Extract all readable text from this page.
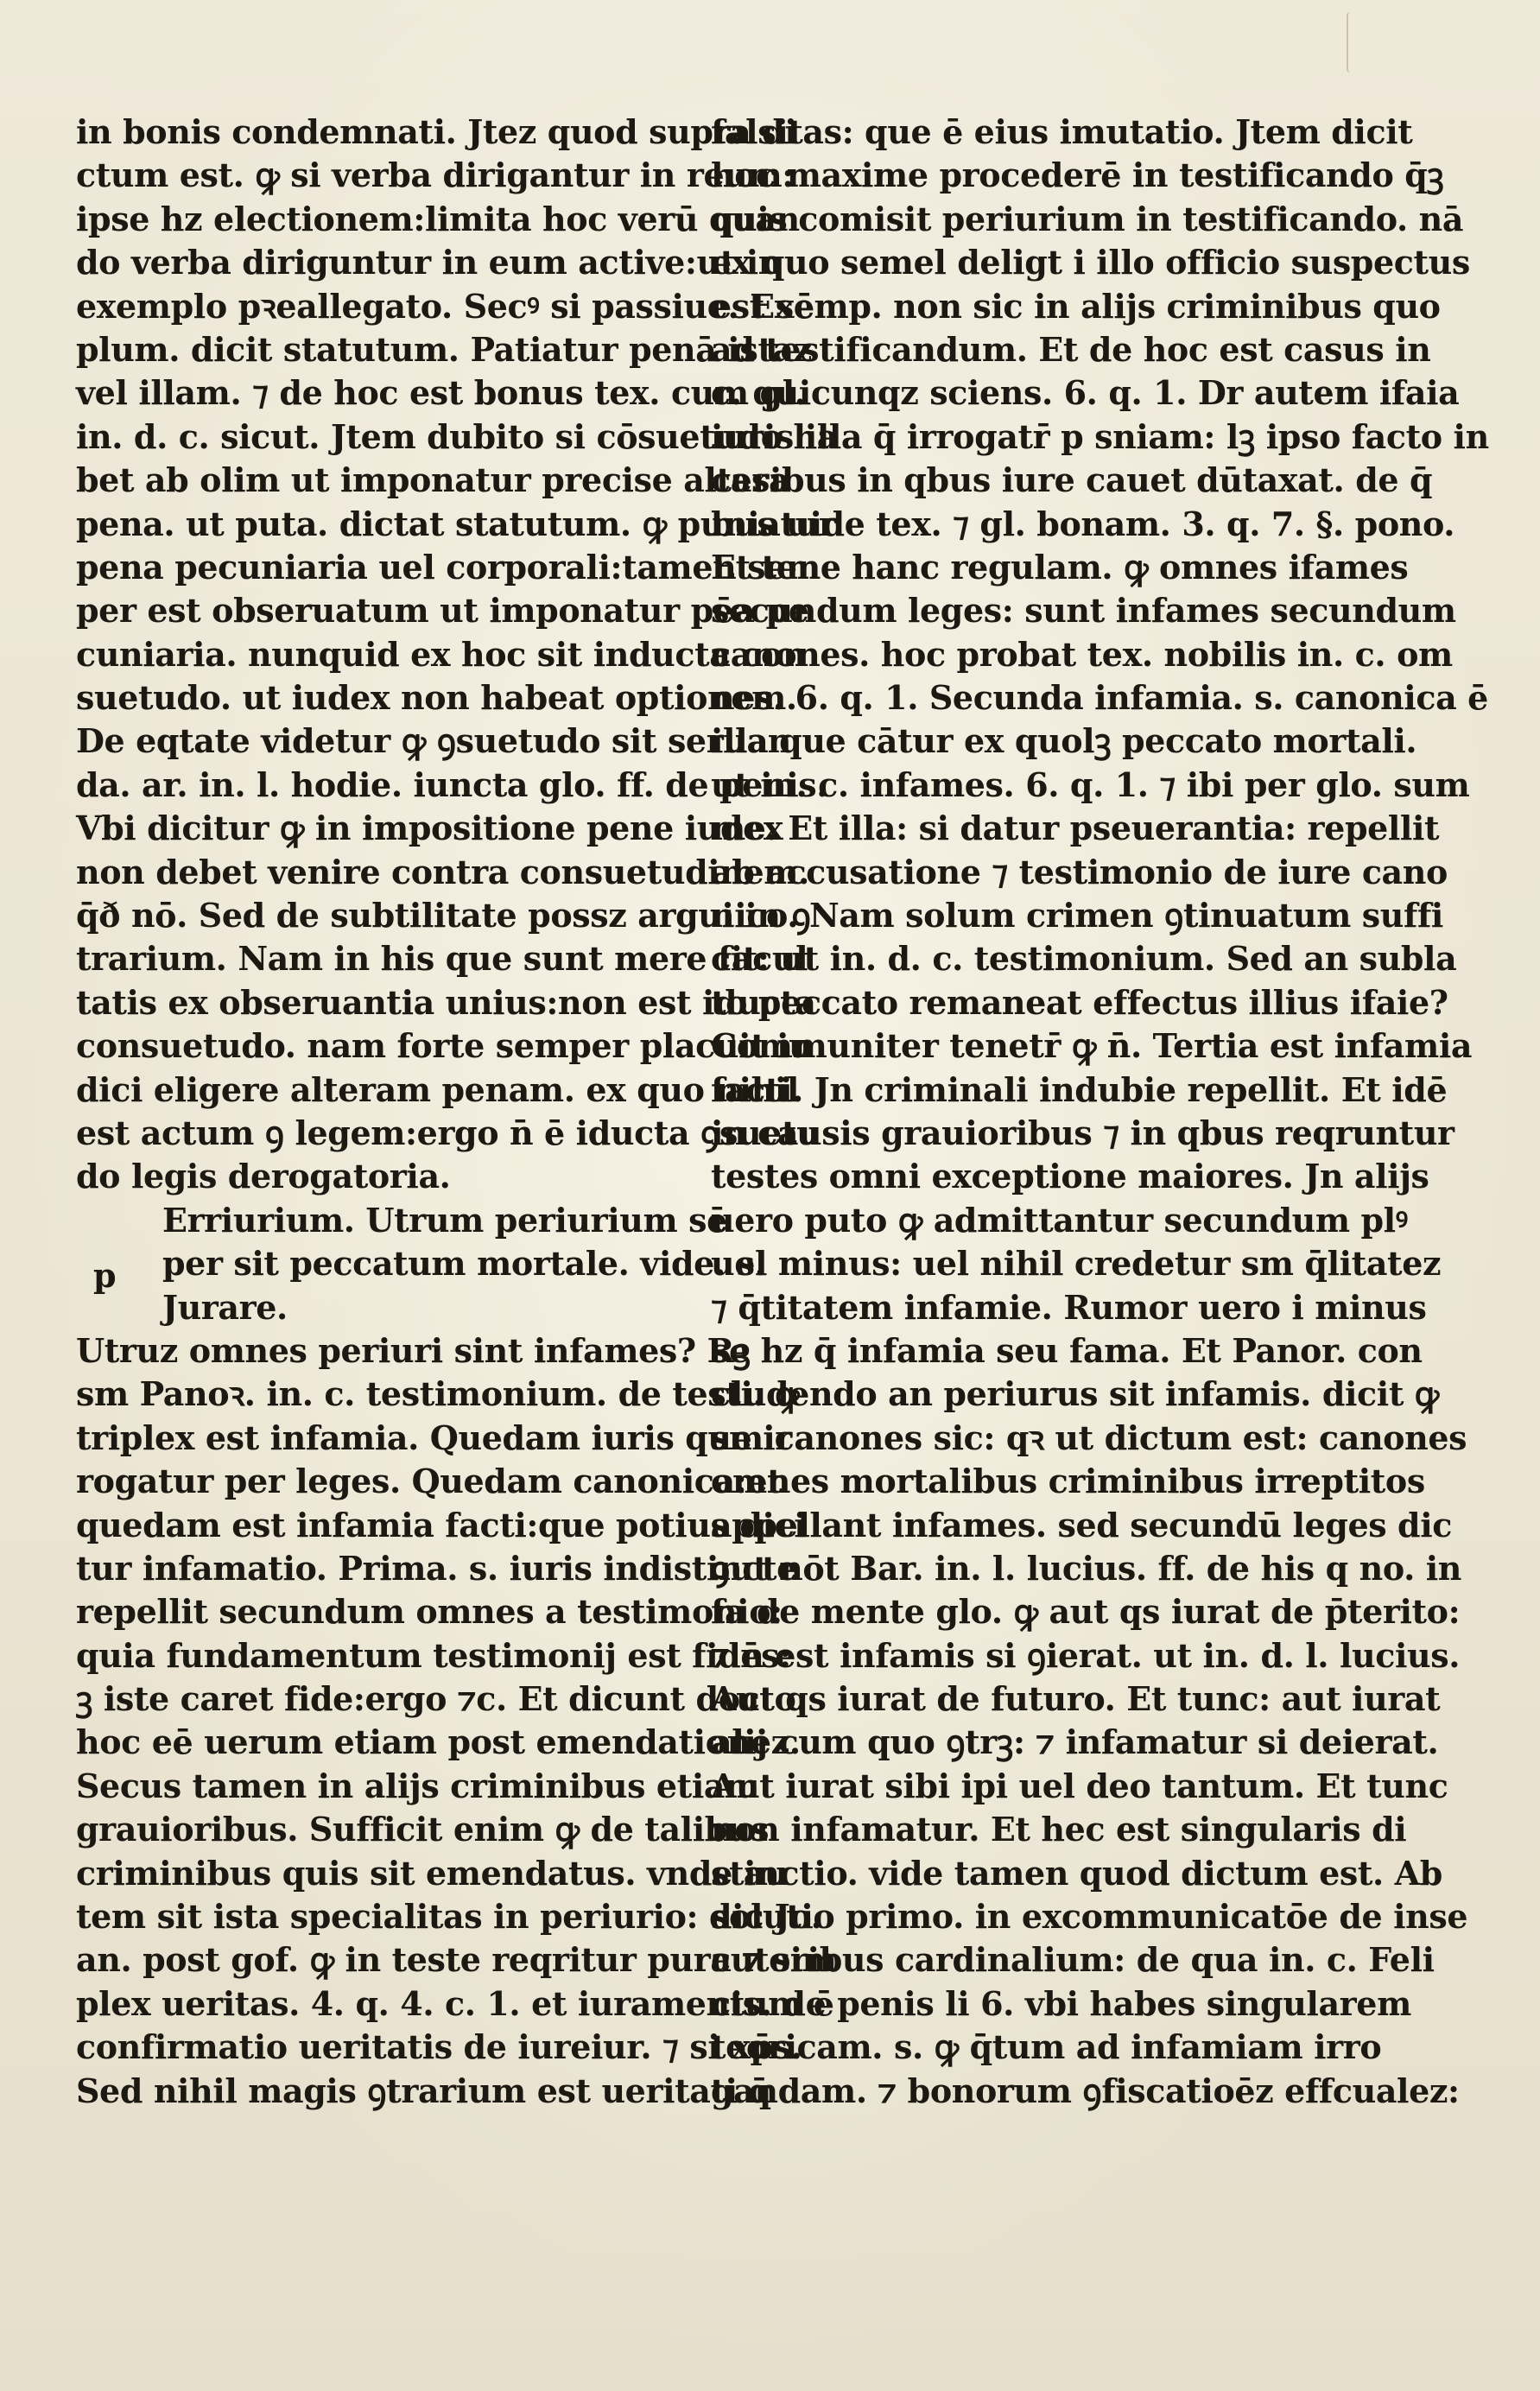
in bonis condemnati. Jtez quod supra di
ctum est. ꝙ si verba dirigantur in reum:
ipse hz electionem:limita hoc verū quan
do verba diriguntur in eum active:ut in
exemplo pꝛeallegato. Secꝰ si passiue. Exē
plum. dicit statutum. Patiatur penā istaz
vel illam. ⁊ de hoc est bonus tex. cum gl.
in. d. c. sicut. Jtem dubito si cōsuetudo ha
bet ab olim ut imponatur precise altera
pena. ut puta. dictat statutum. ꝙ puniatur
pena pecuniaria uel corporali:tamen sem
per est obseruatum ut imponatur pēa pe
cuniaria. nunquid ex hoc sit inducta con
suetudo. ut iudex non habeat optionem.
De eqtate videtur ꝙ ꝯsuetudo sit seruan
da. ar. in. l. hodie. iuncta glo. ff. de penis.
Vbi dicitur ꝙ in impositione pene iudex
non debet venire contra consuetudinem.
q̄ð nō. Sed de subtilitate possz argui in ꝯ
trarium. Nam in his que sunt mere facul
tatis ex obseruantia unius:non est iducta
consuetudo. nam forte semper placuit iu
dici eligere alteram penam. ex quo nihil
est actum ꝯ legem:ergo n̄ ē iducta ꝯsuetu
do legis derogatoria.
p
Erriurium. Utrum periurium sē
per sit peccatum mortale. vide. s.
Jurare.
Utruz omnes periuri sint infames? Rꝫ
sm Panoꝛ. in. c. testimonium. de testi. ꝙ
triplex est infamia. Quedam iuris que ir
rogatur per leges. Quedam canonica:et
quedam est infamia facti:que potius dici
tur infamatio. Prima. s. iuris indistincte
repellit secundum omnes a testimonio:
quia fundamentum testimonij est fides:
ꝫ iste caret fide:ergo ⁊c. Et dicunt docto.
hoc eē uerum etiam post emendationez.
Secus tamen in alijs criminibus etiam
grauioribus. Sufficit enim ꝙ de talibus
criminibus quis sit emendatus. vnde au
tem sit ista specialitas in periurio: dic Jo.
an. post gof. ꝙ in teste reqritur pura ⁊ sim
plex ueritas. 4. q. 4. c. 1. et iuramentum ē
confirmatio ueritatis de iureiur. ⁊ si xp̄s.
Sed nihil magis ꝯtrarium est ueritati q̄
falsitas: que ē eius imutatio. Jtem dicit
hoc maxime procederē in testificando q̄ꝫ
quis comisit periurium in testificando. nā
ex quo semel deligt i illo officio suspectus
est semp. non sic in alijs criminibus quo
ad testificandum. Et de hoc est casus in
c. quicunqz sciens. 6. q. 1. Dr autem ifaia
iuris illa q̄ irrogatr̄ p sniam: lꝫ ipso facto in
casibus in qbus iure cauet dūtaxat. de q̄
bus uide tex. ⁊ gl. bonam. 3. q. 7. §. pono.
Et tene hanc regulam. ꝙ omnes ifames
secundum leges: sunt infames secundum
canones. hoc probat tex. nobilis in. c. om
nes. 6. q. 1. Secunda infamia. s. canonica ē
illa que cātur ex quolꝫ peccato mortali.
ut in. c. infames. 6. q. 1. ⁊ ibi per glo. sum
me. Et illa: si datur pseuerantia: repellit
ab accusatione ⁊ testimonio de iure cano
nico. Nam solum crimen ꝯtinuatum suffi
cit: ut in. d. c. testimonium. Sed an subla
to peccato remaneat effectus illius ifaie?
Communiter tenetr̄ ꝙ n̄. Tertia est infamia
facti. Jn criminali indubie repellit. Et idē
in causis grauioribus ⁊ in qbus reqruntur
testes omni exceptione maiores. Jn alijs
uero puto ꝙ admittantur secundum plꝰ
uel minus: uel nihil credetur sm q̄litatez
⁊ q̄titatem infamie. Rumor uero i minus
se hz q̄ infamia seu fama. Et Panor. con
cludendo an periurus sit infamis. dicit ꝙ
sm canones sic: qꝛ ut dictum est: canones
omnes mortalibus criminibus irreptitos
appellant infames. sed secundū leges dic
ꝯut nōt Bar. in. l. lucius. ff. de his q no. in
fa de mente glo. ꝙ aut qs iurat de p̄terito:
⁊ n̄ est infamis si ꝯierat. ut in. d. l. lucius.
Aut qs iurat de futuro. Et tunc: aut iurat
alij cum quo ꝯtrꝫ: ⁊ infamatur si deierat.
Aut iurat sibi ipi uel deo tantum. Et tunc
non infamatur. Et hec est singularis di
stinctio. vide tamen quod dictum est. Ab
solutio primo. in excommunicatōe de inse
cutoribus cardinalium: de qua in. c. Feli
cis. de penis li 6. vbi habes singularem
teoricam. s. ꝙ q̄tum ad infamiam irro
gandam. ⁊ bonorum ꝯfiscatioēz effcualez:
